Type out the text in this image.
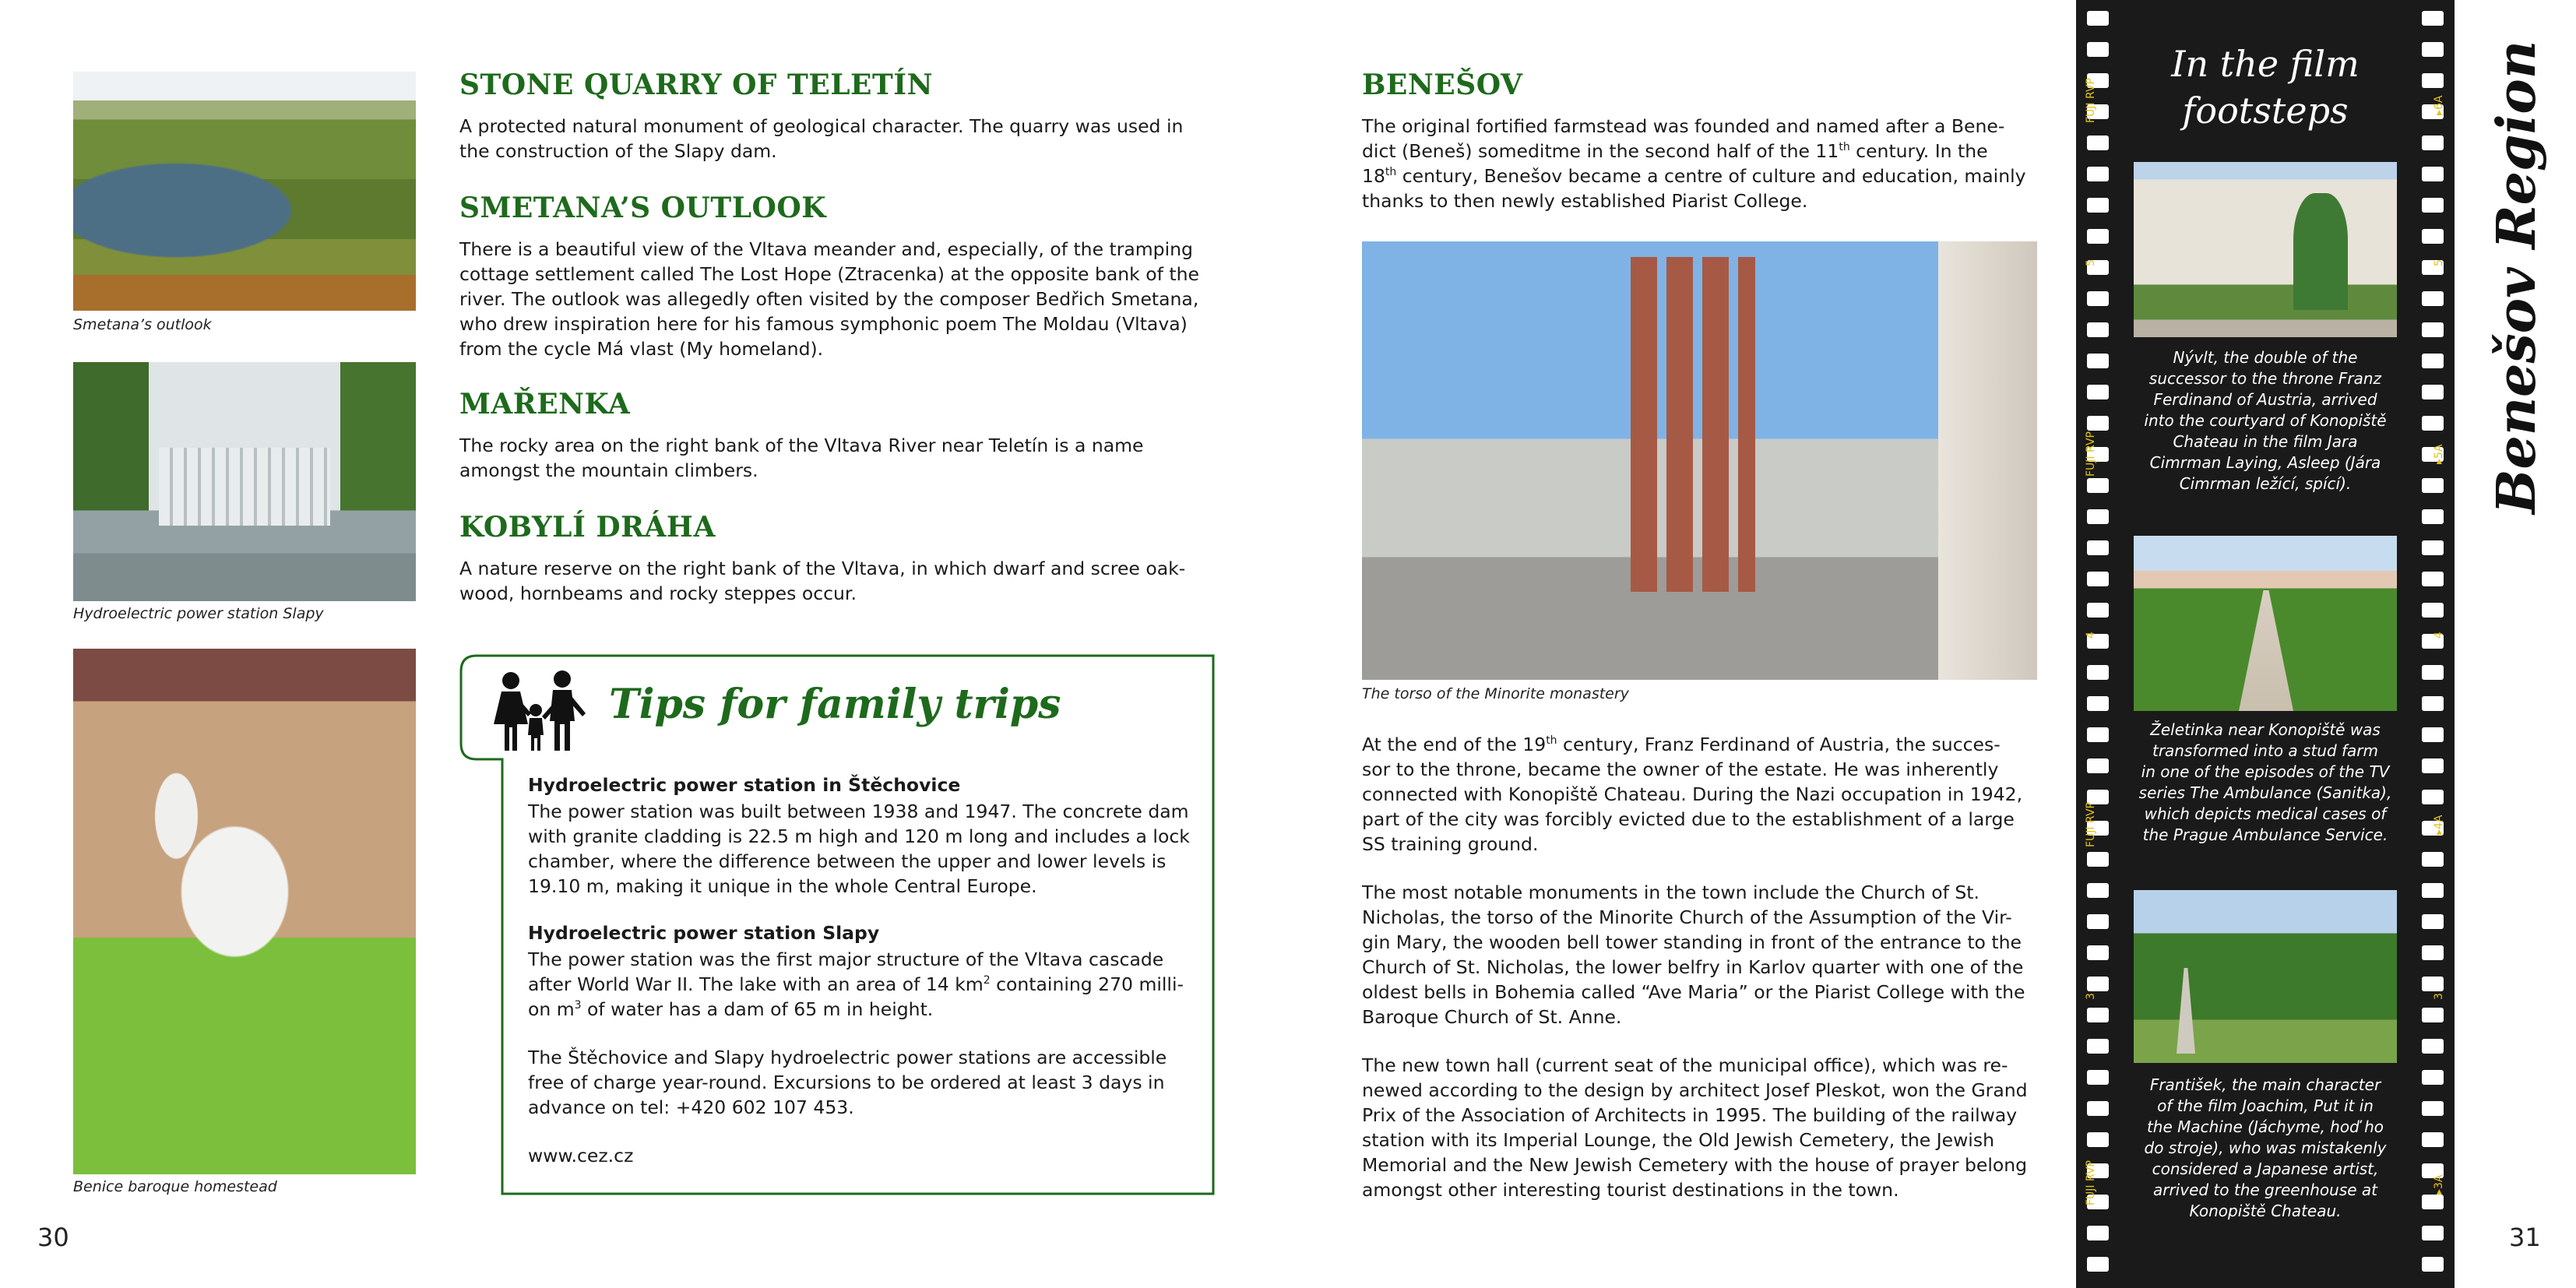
Smetana’s outlook
Hydroelectric power station Slapy
Benice baroque homestead
STONE QUARRY OF TELETÍN
A protected natural monument of geological character. The quarry was used in
the construction of the Slapy dam.
SMETANA’S OUTLOOK
There is a beautiful view of the Vltava meander and, especially, of the tramping
cottage settlement called The Lost Hope (Ztracenka) at the opposite bank of the
river. The outlook was allegedly often visited by the composer Bedřich Smetana,
who drew inspiration here for his famous symphonic poem The Moldau (Vltava)
from the cycle Má vlast (My homeland).
MAŘENKA
The rocky area on the right bank of the Vltava River near Teletín is a name
amongst the mountain climbers.
KOBYLÍ DRÁHA
A nature reserve on the right bank of the Vltava, in which dwarf and scree oak-
wood, hornbeams and rocky steppes occur.
Tips for family trips
Hydroelectric power station in Štěchovice
The power station was built between 1938 and 1947. The concrete dam
with granite cladding is 22.5 m high and 120 m long and includes a lock
chamber, where the difference between the upper and lower levels is
19.10 m, making it unique in the whole Central Europe.
Hydroelectric power station Slapy
The power station was the first major structure of the Vltava cascade
after World War II. The lake with an area of 14 $km^2$ containing 270 milli-
on $m^3$ of water has a dam of 65 m in height.
The Štěchovice and Slapy hydroelectric power stations are accessible
free of charge year-round. Excursions to be ordered at least 3 days in
advance on tel: +420 602 107 453.
www.cez.cz
30
BENEŠOV
The original fortified farmstead was founded and named after a Bene-
dict (Beneš) someditme in the second half of the 11th century. In the
18th century, Benešov became a centre of culture and education, mainly
thanks to then newly established Piarist College.
The torso of the Minorite monastery
At the end of the 19th century, Franz Ferdinand of Austria, the succes-
sor to the throne, became the owner of the estate. He was inherently
connected with Konopiště Chateau. During the Nazi occupation in 1942,
part of the city was forcibly evicted due to the establishment of a large
SS training ground.
The most notable monuments in the town include the Church of St.
Nicholas, the torso of the Minorite Church of the Assumption of the Vir-
gin Mary, the wooden bell tower standing in front of the entrance to the
Church of St. Nicholas, the lower belfry in Karlov quarter with one of the
oldest bells in Bohemia called “Ave Maria” or the Piarist College with the
Baroque Church of St. Anne.
The new town hall (current seat of the municipal office), which was re-
newed according to the design by architect Josef Pleskot, won the Grand
Prix of the Association of Architects in 1995. The building of the railway
station with its Imperial Lounge, the Old Jewish Cemetery, the Jewish
Memorial and the New Jewish Cemetery with the house of prayer belong
amongst other interesting tourist destinations in the town.
In the film
footsteps
Nývlt, the double of the
successor to the throne Franz
Ferdinand of Austria, arrived
into the courtyard of Konopiště
Chateau in the film Jara
Cimrman Laying, Asleep (Jára
Cimrman ležící, spící).
Želetinka near Konopiště was
transformed into a stud farm
in one of the episodes of the TV
series The Ambulance (Sanitka),
which depicts medical cases of
the Prague Ambulance Service.
František, the main character
of the film Joachim, Put it in
the Machine (Jáchyme, hoď ho
do stroje), who was mistakenly
considered a Japanese artist,
arrived to the greenhouse at
Konopiště Chateau.
FUJI RVP
5	5
▸6A
FUJI RVP	▸5A
4	4
FUJI RVP	▸4A
3	3
FUJI RVP	▸3A
Benešov Region
31
